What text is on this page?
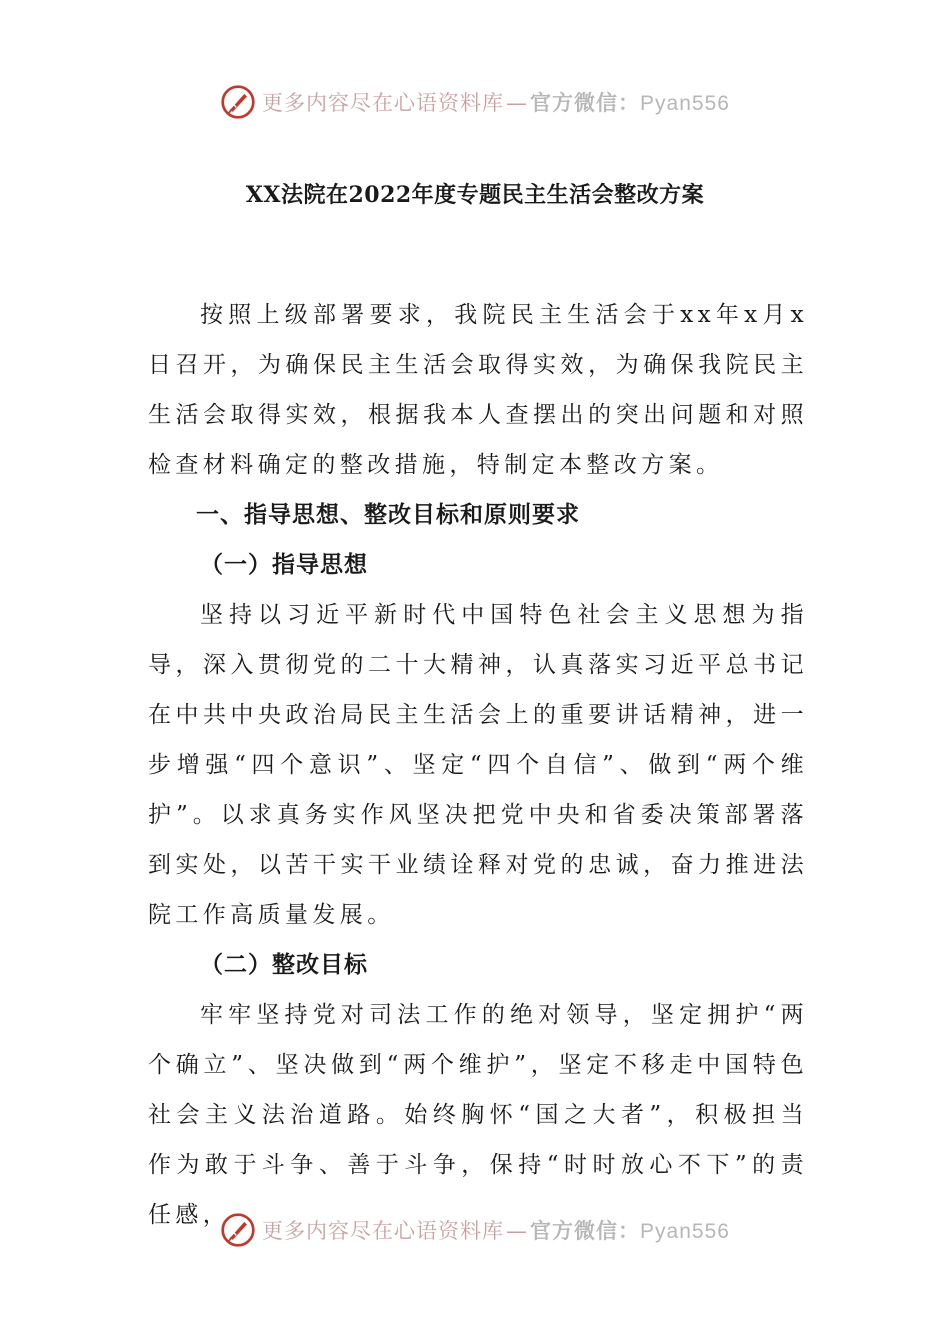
更多内容尽在心语资料库—官方微信：Pyan556
XX法院在2022年度专题民主生活会整改方案

按照上级部署要求，我院民主生活会于xx年x月x日召开，为确保民主生活会取得实效，为确保我院民主生活会取得实效，根据我本人查摆出的突出问题和对照检查材料确定的整改措施，特制定本整改方案。

一、指导思想、整改目标和原则要求

（一）指导思想

坚持以习近平新时代中国特色社会主义思想为指导，深入贯彻党的二十大精神，认真落实习近平总书记在中共中央政治局民主生活会上的重要讲话精神，进一步增强“四个意识”、坚定“四个自信”、做到“两个维护”。以求真务实作风坚决把党中央和省委决策部署落到实处，以苦干实干业绩诠释对党的忠诚，奋力推进法院工作高质量发展。

（二）整改目标

牢牢坚持党对司法工作的绝对领导，坚定拥护“两个确立”、坚决做到“两个维护”，坚定不移走中国特色社会主义法治道路。始终胸怀“国之大者”，积极担当作为敢于斗争、善于斗争，保持“时时放心不下”的责任感，

更多内容尽在心语资料库—官方微信：Pyan556
